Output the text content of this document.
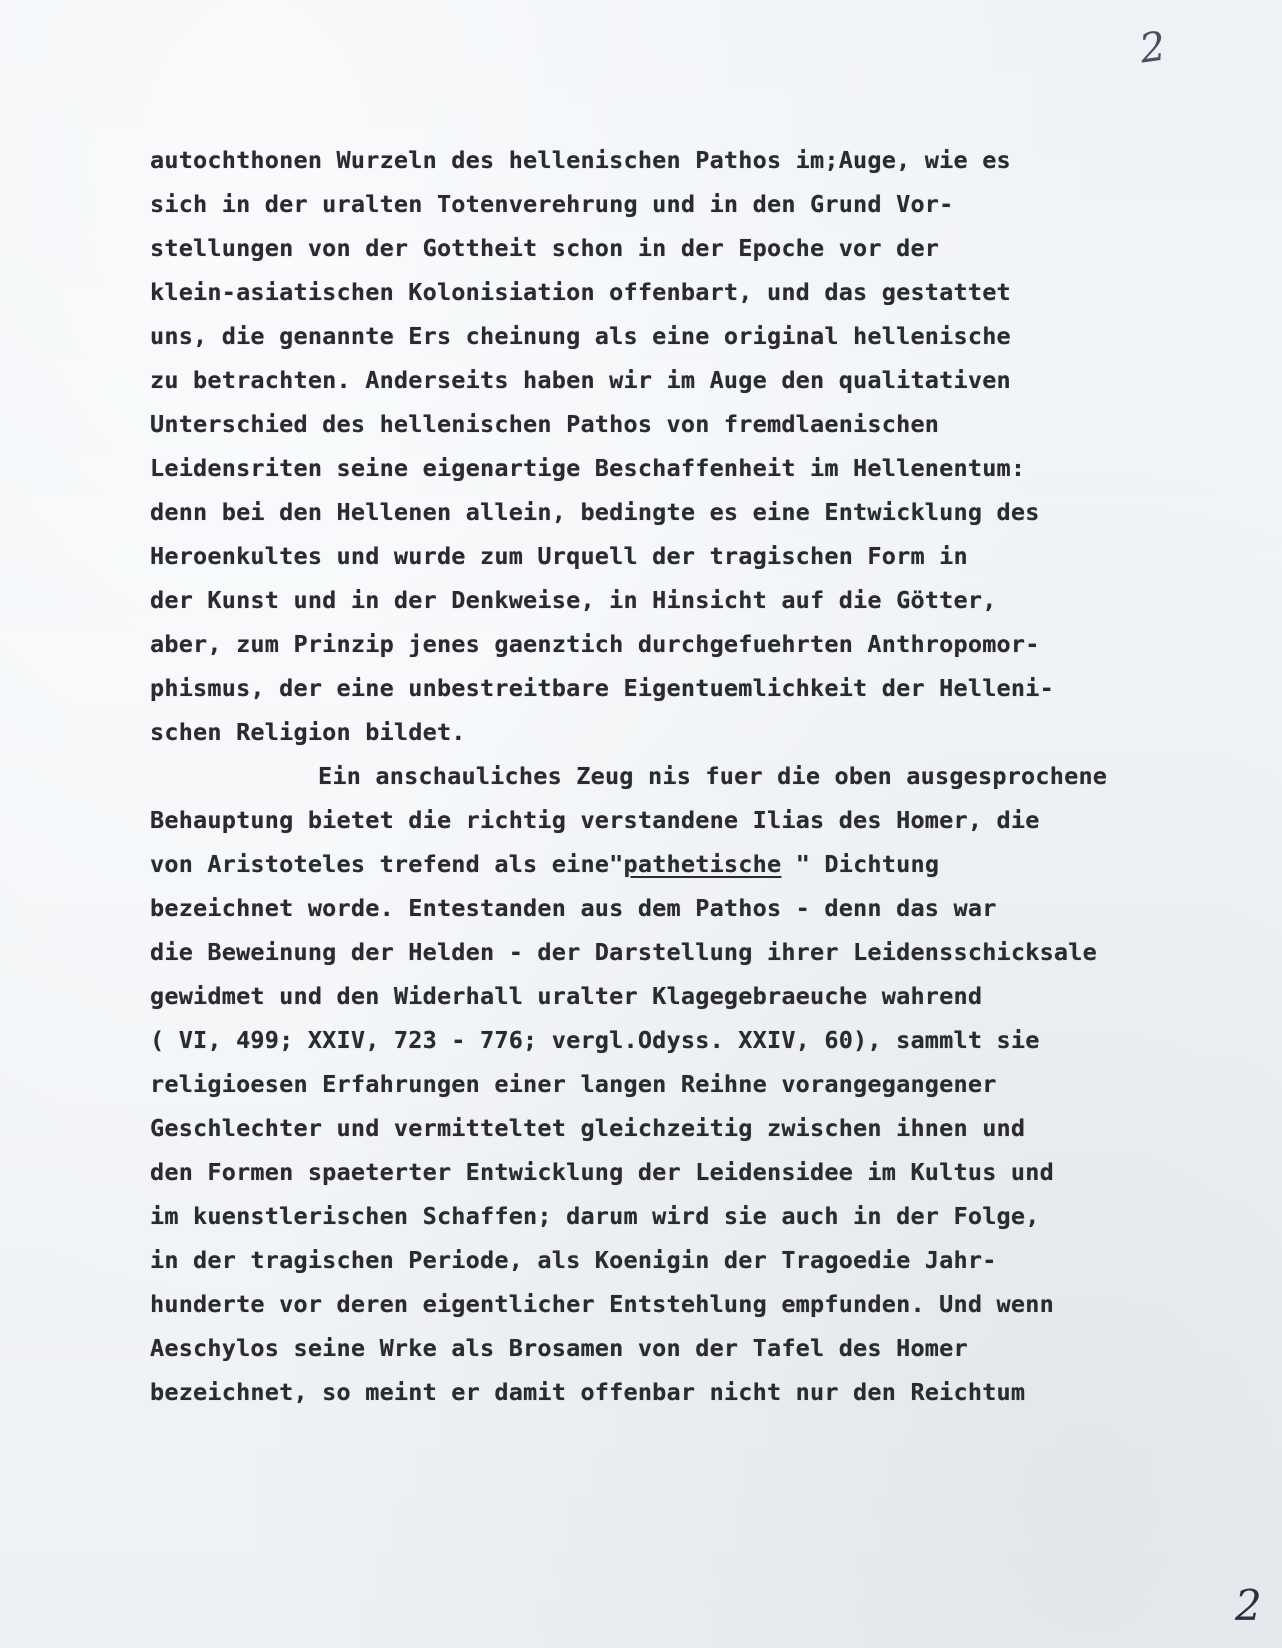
2
autochthonen Wurzeln des hellenischen Pathos im;Auge, wie es
sich in der uralten Totenverehrung und in den Grund Vor-
stellungen von der Gottheit schon in der Epoche vor der
klein-asiatischen Kolonisiation offenbart, und das gestattet
uns, die genannte Ers cheinung als eine original hellenische
zu betrachten. Anderseits haben wir im Auge den qualitativen
Unterschied des hellenischen Pathos von fremdlaenischen
Leidensriten seine eigenartige Beschaffenheit im Hellenentum:
denn bei den Hellenen allein, bedingte es eine Entwicklung des
Heroenkultes und wurde zum Urquell der tragischen Form in
der Kunst und in der Denkweise, in Hinsicht auf die Götter,
aber, zum Prinzip jenes gaenztich durchgefuehrten Anthropomor-
phismus, der eine unbestreitbare Eigentuemlichkeit der Helleni-
schen Religion bildet.
Ein anschauliches Zeug nis fuer die oben ausgesprochene
Behauptung bietet die richtig verstandene Ilias des Homer, die
von Aristoteles trefend als eine"pathetische " Dichtung
bezeichnet worde. Entestanden aus dem Pathos - denn das war
die Beweinung der Helden - der Darstellung ihrer Leidensschicksale
gewidmet und den Widerhall uralter Klagegebraeuche wahrend
( VI, 499; XXIV, 723 - 776; vergl.Odyss. XXIV, 60), sammlt sie
religioesen Erfahrungen einer langen Reihne vorangegangener
Geschlechter und vermitteltet gleichzeitig zwischen ihnen und
den Formen spaeterter Entwicklung der Leidensidee im Kultus und
im kuenstlerischen Schaffen; darum wird sie auch in der Folge,
in der tragischen Periode, als Koenigin der Tragoedie Jahr-
hunderte vor deren eigentlicher Entstehlung empfunden. Und wenn
Aeschylos seine Wrke als Brosamen von der Tafel des Homer
bezeichnet, so meint er damit offenbar nicht nur den Reichtum
2
